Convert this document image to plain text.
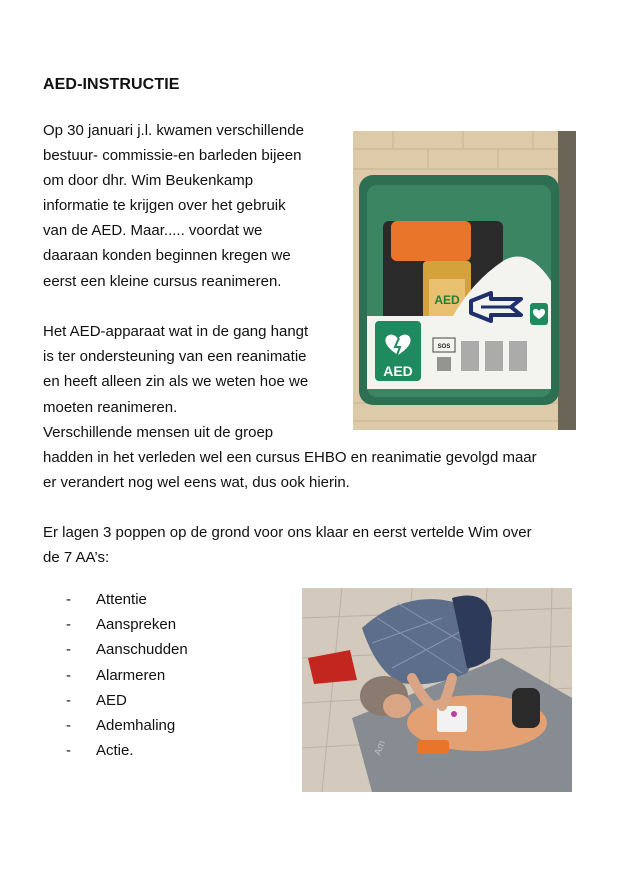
AED-INSTRUCTIE
Op 30 januari j.l. kwamen verschillende
bestuur- commissie-en barleden bijeen
om door dhr. Wim Beukenkamp
informatie te krijgen over het gebruik
van de AED. Maar..... voordat we
daaraan konden beginnen kregen we
eerst een kleine cursus reanimeren.
Het AED-apparaat wat in de gang hangt
is ter ondersteuning van een reanimatie
en heeft alleen zin als we weten hoe we
moeten reanimeren.
Verschillende mensen uit de groep
hadden in het verleden wel een cursus EHBO en reanimatie gevolgd maar
er verandert nog wel eens wat, dus ook hierin.
Er lagen 3 poppen op de grond voor ons klaar en eerst vertelde Wim over
de 7 AA’s:
-	Attentie
-	Aanspreken
-	Aanschudden
-	Alarmeren
-	AED
-	Ademhaling
-	Actie.
AED
AED
SOS
Am
